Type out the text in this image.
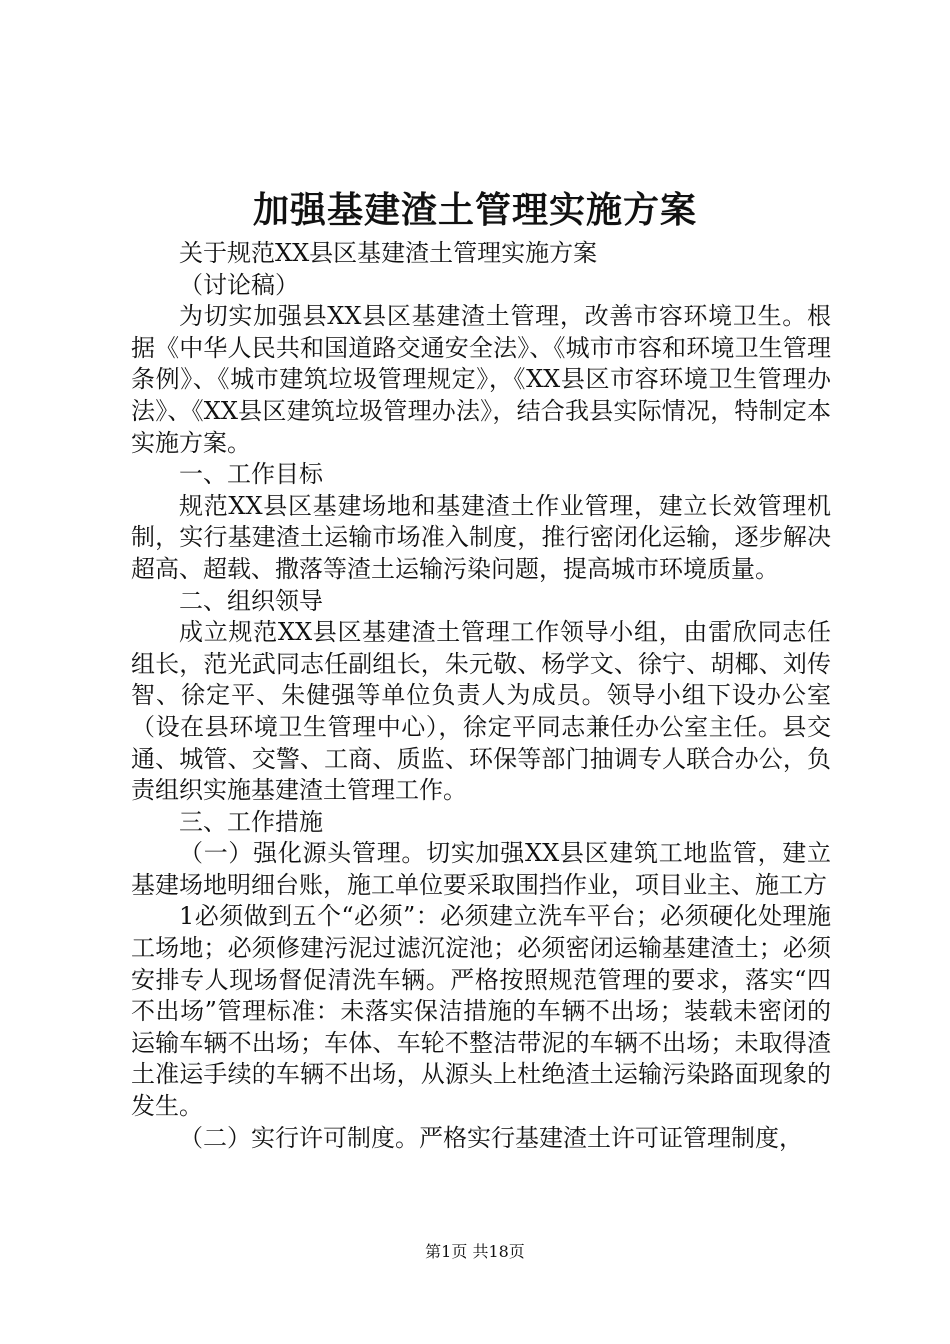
加强基建渣土管理实施方案

关于规范XX县区基建渣土管理实施方案

（讨论稿）

为切实加强县XX县区基建渣土管理，改善市容环境卫生。根据《中华人民共和国道路交通安全法》、《城市市容和环境卫生管理条例》、《城市建筑垃圾管理规定》，《XX县区市容环境卫生管理办法》、《XX县区建筑垃圾管理办法》，结合我县实际情况，特制定本实施方案。

一、工作目标

规范XX县区基建场地和基建渣土作业管理，建立长效管理机制，实行基建渣土运输市场准入制度，推行密闭化运输，逐步解决超高、超载、撒落等渣土运输污染问题，提高城市环境质量。

二、组织领导

成立规范XX县区基建渣土管理工作领导小组，由雷欣同志任组长，范光武同志任副组长，朱元敬、杨学文、徐宁、胡椰、刘传智、徐定平、朱健强等单位负责人为成员。领导小组下设办公室（设在县环境卫生管理中心），徐定平同志兼任办公室主任。县交通、城管、交警、工商、质监、环保等部门抽调专人联合办公，负责组织实施基建渣土管理工作。

三、工作措施

（一）强化源头管理。切实加强XX县区建筑工地监管，建立基建场地明细台账，施工单位要采取围挡作业，项目业主、施工方

1必须做到五个“必须”：必须建立洗车平台；必须硬化处理施工场地；必须修建污泥过滤沉淀池；必须密闭运输基建渣土；必须安排专人现场督促清洗车辆。严格按照规范管理的要求，落实“四不出场”管理标准：未落实保洁措施的车辆不出场；装载未密闭的运输车辆不出场；车体、车轮不整洁带泥的车辆不出场；未取得渣土准运手续的车辆不出场，从源头上杜绝渣土运输污染路面现象的发生。

（二）实行许可制度。严格实行基建渣土许可证管理制度，

第1页 共18页
